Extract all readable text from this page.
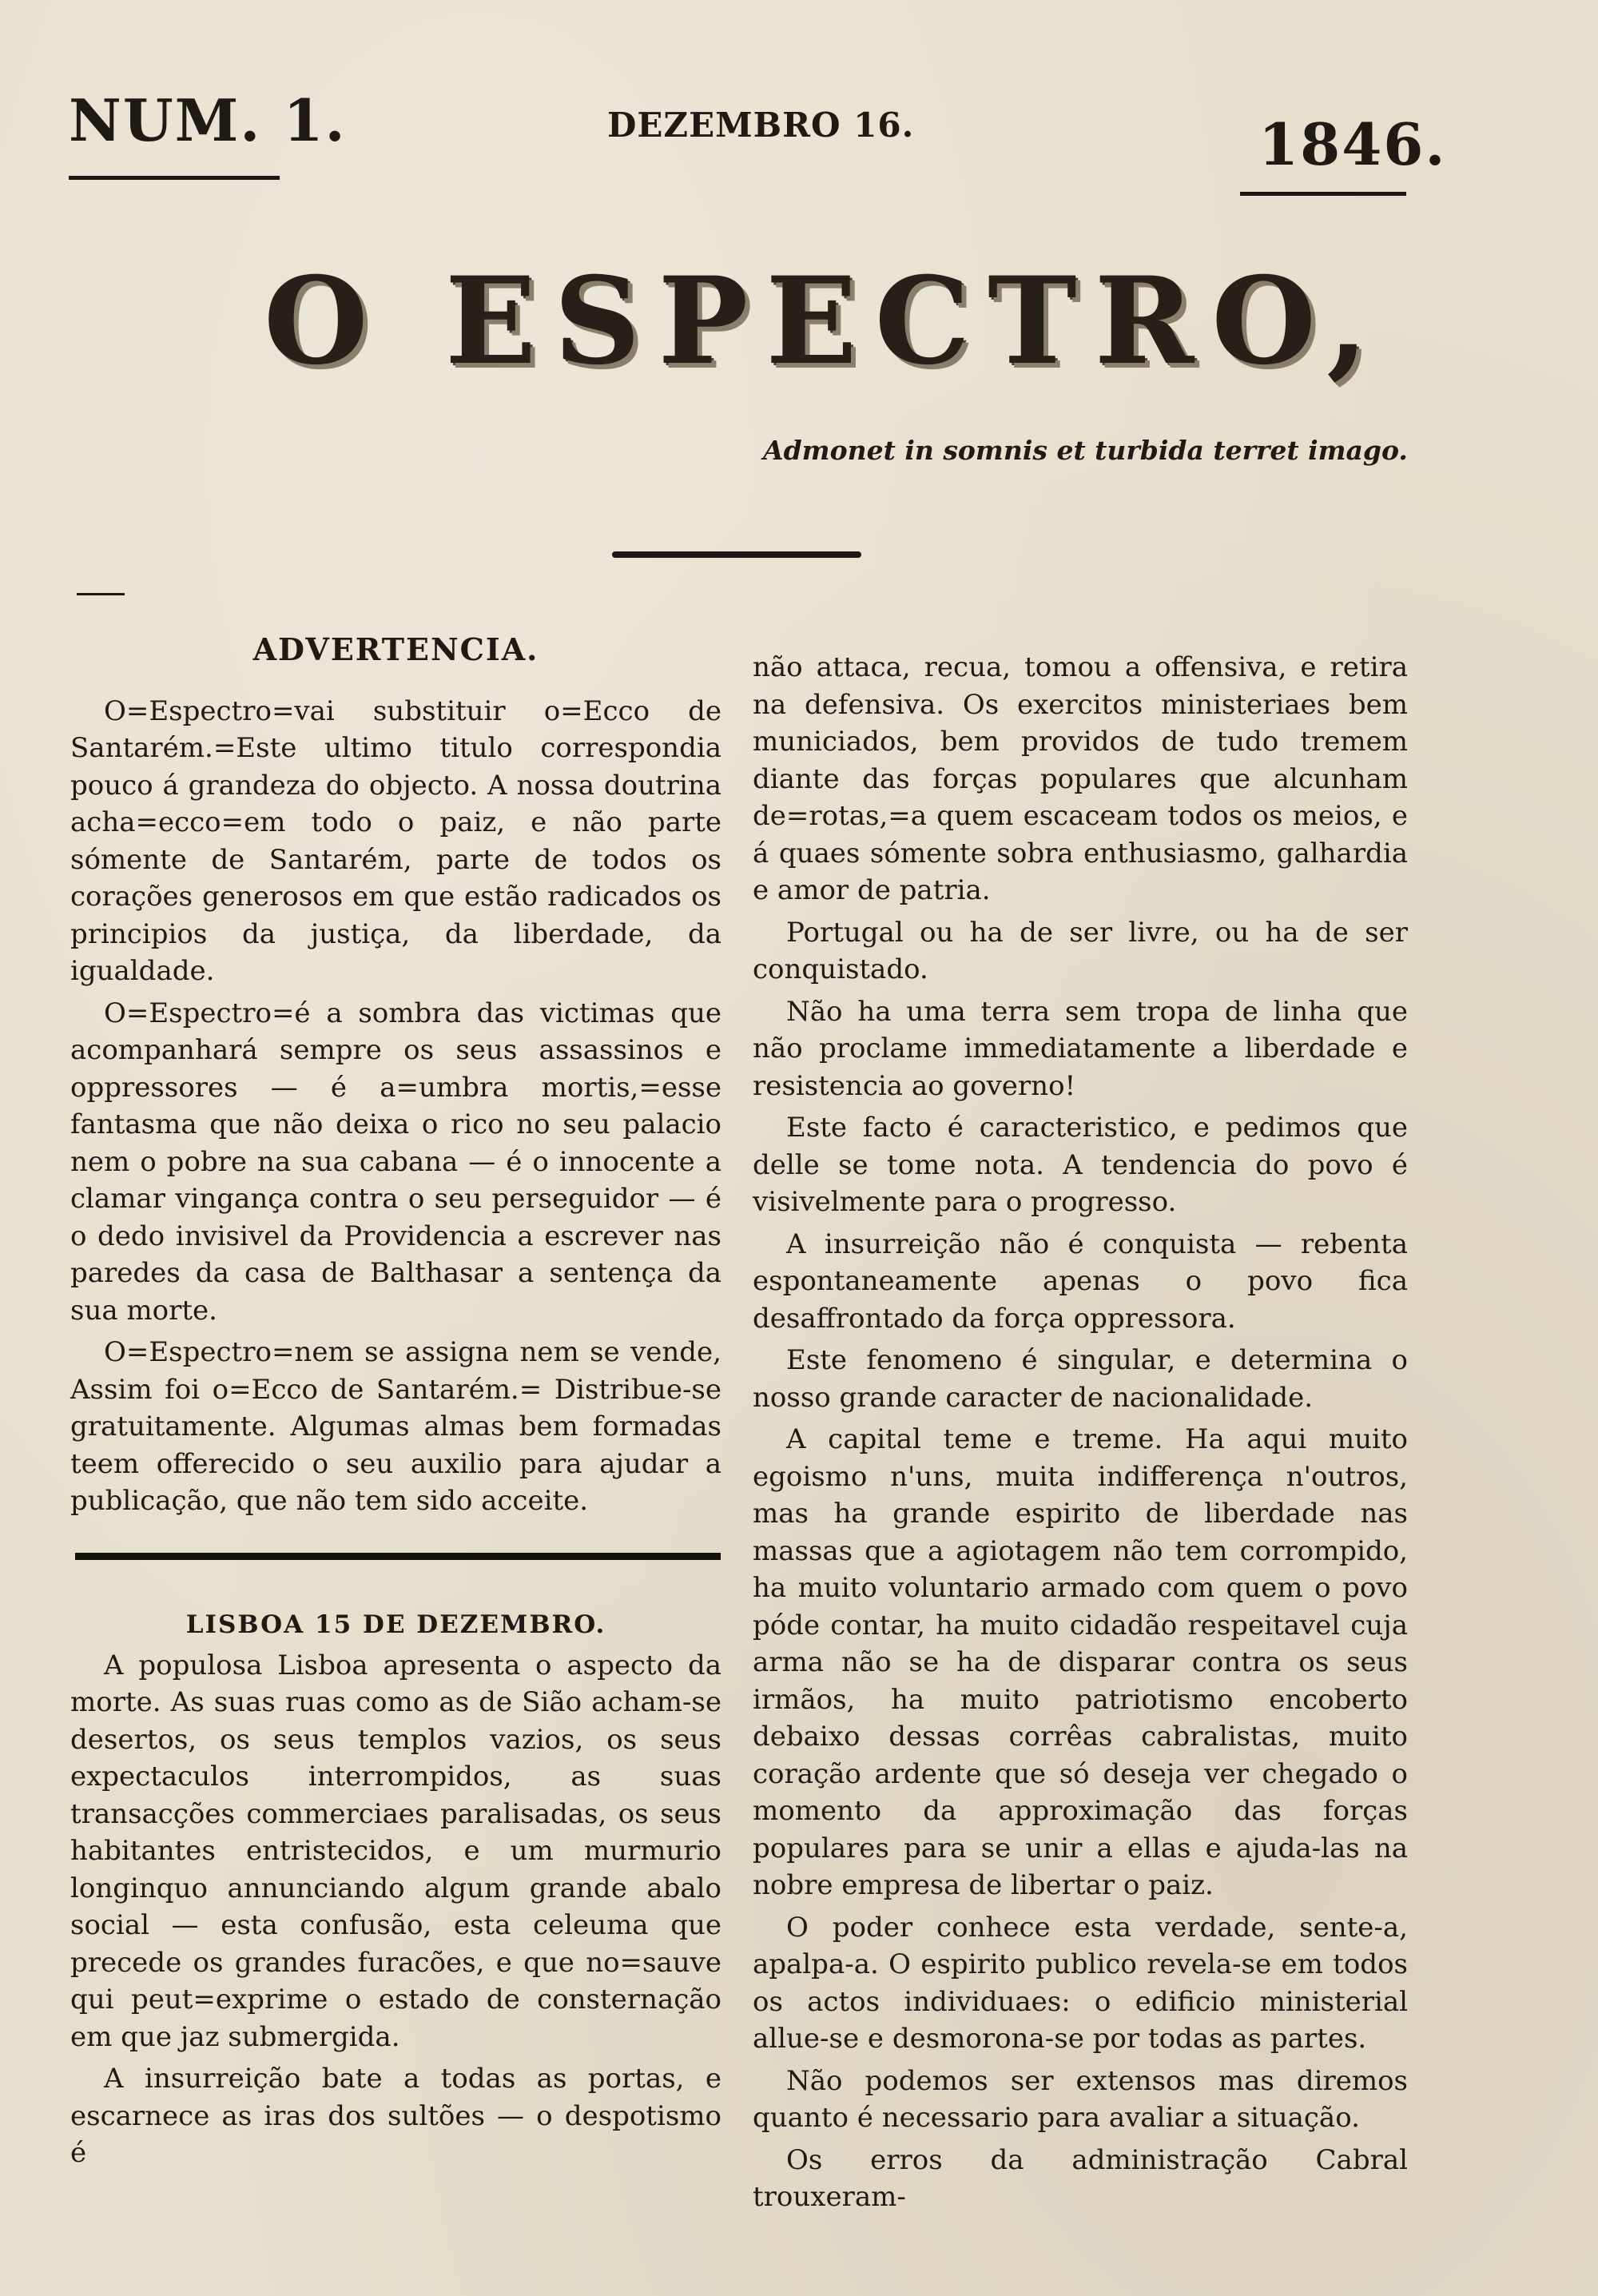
NUM. 1.	DEZEMBRO 16.	1846.
O ESPECTRO,
Admonet in somnis et turbida terret imago.
ADVERTENCIA.

O=Espectro=vai substituir o=Ecco de Santarém.=Este ultimo titulo correspondia pouco á grandeza do objecto. A nossa doutrina acha=ecco=em todo o paiz, e não parte sómente de Santarém, parte de todos os corações generosos em que estão radicados os principios da justiça, da liberdade, da igualdade.

O=Espectro=é a sombra das victimas que acompanhará sempre os seus assassinos e oppressores — é a=umbra mortis,=esse fantasma que não deixa o rico no seu palacio nem o pobre na sua cabana — é o innocente a clamar vingança contra o seu perseguidor — é o dedo invisivel da Providencia a escrever nas paredes da casa de Balthasar a sentença da sua morte.

O=Espectro=nem se assigna nem se vende, Assim foi o=Ecco de Santarém.= Distribue-se gratuitamente. Algumas almas bem formadas teem offerecido o seu auxilio para ajudar a publicação, que não tem sido acceite.

LISBOA 15 DE DEZEMBRO.

A populosa Lisboa apresenta o aspecto da morte. As suas ruas como as de Sião acham-se desertos, os seus templos vazios, os seus expectaculos interrompidos, as suas transacções commerciaes paralisadas, os seus habitantes entristecidos, e um murmurio longinquo annunciando algum grande abalo social — esta confusão, esta celeuma que precede os grandes furacões, e que no=sauve qui peut=exprime o estado de consternação em que jaz submergida.

A insurreição bate a todas as portas, e escarnece as iras dos sultões — o despotismo é

não attaca, recua, tomou a offensiva, e retira na defensiva. Os exercitos ministeriaes bem municiados, bem providos de tudo tremem diante das forças populares que alcunham de=rotas,=a quem escaceam todos os meios, e á quaes sómente sobra enthusiasmo, galhardia e amor de patria.

Portugal ou ha de ser livre, ou ha de ser conquistado.

Não ha uma terra sem tropa de linha que não proclame immediatamente a liberdade e resistencia ao governo!

Este facto é caracteristico, e pedimos que delle se tome nota. A tendencia do povo é visivelmente para o progresso.

A insurreição não é conquista — rebenta espontaneamente apenas o povo fica desaffrontado da força oppressora.

Este fenomeno é singular, e determina o nosso grande caracter de nacionalidade.

A capital teme e treme. Ha aqui muito egoismo n'uns, muita indifferença n'outros, mas ha grande espirito de liberdade nas massas que a agiotagem não tem corrompido, ha muito voluntario armado com quem o povo póde contar, ha muito cidadão respeitavel cuja arma não se ha de disparar contra os seus irmãos, ha muito patriotismo encoberto debaixo dessas corrêas cabralistas, muito coração ardente que só deseja ver chegado o momento da approximação das forças populares para se unir a ellas e ajuda-las na nobre empresa de libertar o paiz.

O poder conhece esta verdade, sente-a, apalpa-a. O espirito publico revela-se em todos os actos individuaes: o edificio ministerial allue-se e desmorona-se por todas as partes.

Não podemos ser extensos mas diremos quanto é necessario para avaliar a situação.

Os erros da administração Cabral trouxeram-
